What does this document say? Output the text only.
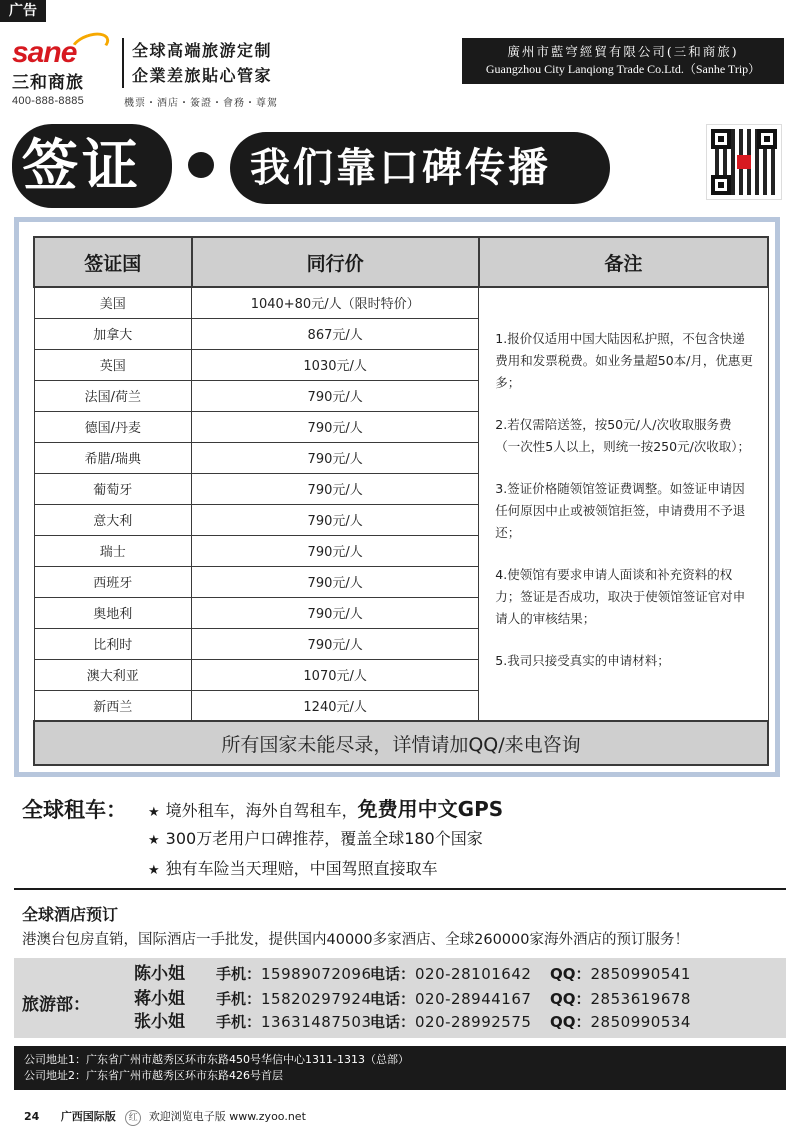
广告
sane
三和商旅
400-888-8885
全球高端旅游定制
企業差旅貼心管家
機票・酒店・簽證・會務・尊駕
廣州市藍穹經貿有限公司(三和商旅)
Guangzhou City Lanqiong Trade Co.Ltd.（Sanhe Trip）
签证	我们靠口碑传播
签证国	同行价	备注
美国	1040+80元/人（限时特价）	1.报价仅适用中国大陆因私护照，不包含快递费用和发票税费。如业务量超50本/月，优惠更多；
2.若仅需陪送签，按50元/人/次收取服务费（一次性5人以上，则统一按250元/次收取）；
3.签证价格随领馆签证费调整。如签证申请因任何原因中止或被领馆拒签，申请费用不予退还；
4.使领馆有要求申请人面谈和补充资料的权力；签证是否成功，取决于使领馆签证官对申请人的审核结果；
5.我司只接受真实的申请材料；

加拿大	867元/人	
英国	1030元/人	
法国/荷兰	790元/人	
德国/丹麦	790元/人	
希腊/瑞典	790元/人	
葡萄牙	790元/人	
意大利	790元/人	
瑞士	790元/人	
西班牙	790元/人	
奥地利	790元/人	
比利时	790元/人	
澳大利亚	1070元/人	
新西兰	1240元/人	
所有国家未能尽录，详情请加QQ/来电咨询		
全球租车： ★ 境外租车，海外自驾租车，免费用中文GPS
★ 300万老用户口碑推荐，覆盖全球180个国家
★ 独有车险当天理赔，中国驾照直接取车
全球酒店预订
港澳台包房直销，国际酒店一手批发，提供国内40000多家酒店、全球260000家海外酒店的预订服务！
旅游部：
陈小姐 手机：15989072096
电话：020-28101642 QQ：2850990541
蒋小姐 手机：15820297924
电话：020-28944167 QQ：2853619678
张小姐 手机：13631487503
电话：020-28992575 QQ：2850990534
公司地址1：广东省广州市越秀区环市东路450号华信中心1311-1313（总部）
公司地址2：广东省广州市越秀区环市东路426号首层
24 广西国际版 红 欢迎浏览电子版 www.zyoo.net
